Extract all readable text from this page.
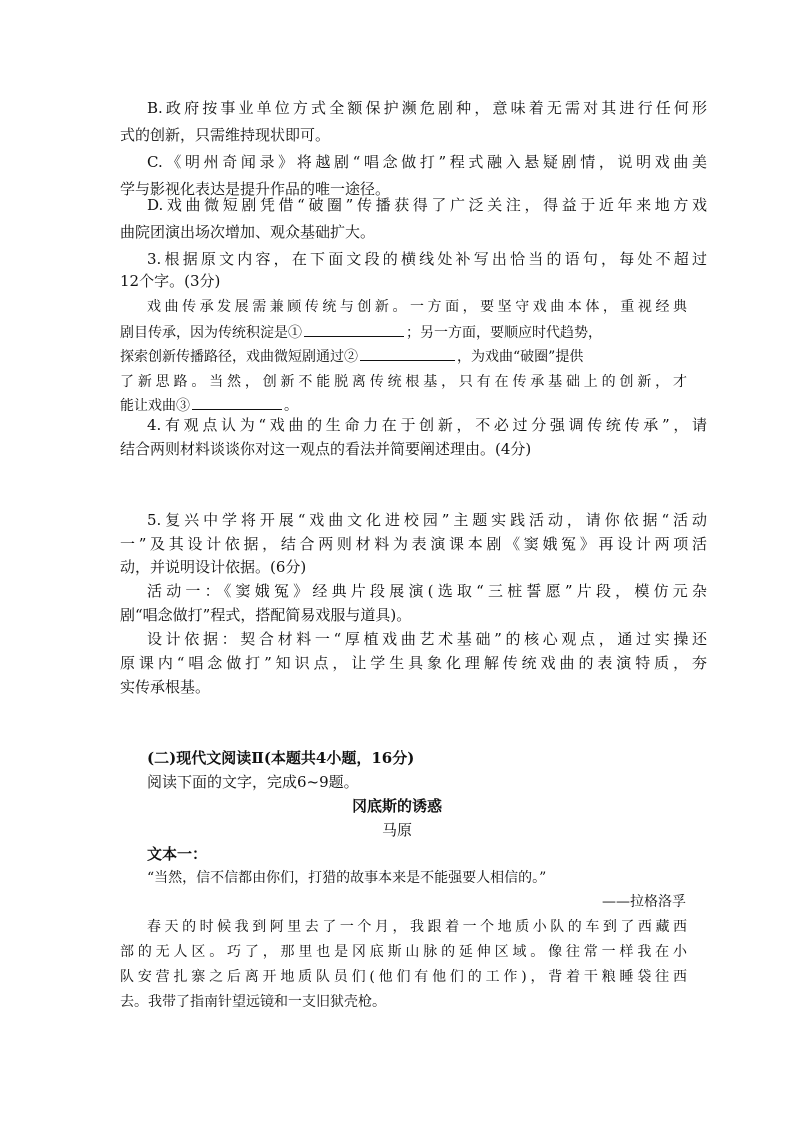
B.政府按事业单位方式全额保护濒危剧种，意味着无需对其进行任何形
式的创新，只需维持现状即可。
C.《明州奇闻录》将越剧“唱念做打”程式融入悬疑剧情，说明戏曲美
学与影视化表达是提升作品的唯一途径。
D.戏曲微短剧凭借“破圈”传播获得了广泛关注，得益于近年来地方戏
曲院团演出场次增加、观众基础扩大。
3.根据原文内容，在下面文段的横线处补写出恰当的语句，每处不超过
12个字。(3分)
戏曲传承发展需兼顾传统与创新。一方面，要坚守戏曲本体，重视经典
剧目传承，因为传统积淀是①	；另一方面，要顺应时代趋势，
探索创新传播路径，戏曲微短剧通过②	，为戏曲“破圈”提供
了新思路。当然，创新不能脱离传统根基，只有在传承基础上的创新，才
能让戏曲③	。
4.有观点认为“戏曲的生命力在于创新，不必过分强调传统传承”，请
结合两则材料谈谈你对这一观点的看法并简要阐述理由。(4分)
5.复兴中学将开展“戏曲文化进校园”主题实践活动，请你依据“活动
一”及其设计依据，结合两则材料为表演课本剧《窦娥冤》再设计两项活
动，并说明设计依据。(6分)
活动一：《窦娥冤》经典片段展演(选取“三桩誓愿”片段，模仿元杂
剧“唱念做打”程式，搭配简易戏服与道具)。
设计依据：契合材料一“厚植戏曲艺术基础”的核心观点，通过实操还
原课内“唱念做打”知识点，让学生具象化理解传统戏曲的表演特质，夯
实传承根基。
(二)现代文阅读Ⅱ(本题共4小题，16分)
阅读下面的文字，完成6~9题。
冈底斯的诱惑
马原
文本一：
“当然，信不信都由你们，打猎的故事本来是不能强要人相信的。”
——拉格洛孚
春天的时候我到阿里去了一个月，我跟着一个地质小队的车到了西藏西
部的无人区。巧了，那里也是冈底斯山脉的延伸区域。像往常一样我在小
队安营扎寨之后离开地质队员们(他们有他们的工作)，背着干粮睡袋往西
去。我带了指南针望远镜和一支旧狱壳枪。
